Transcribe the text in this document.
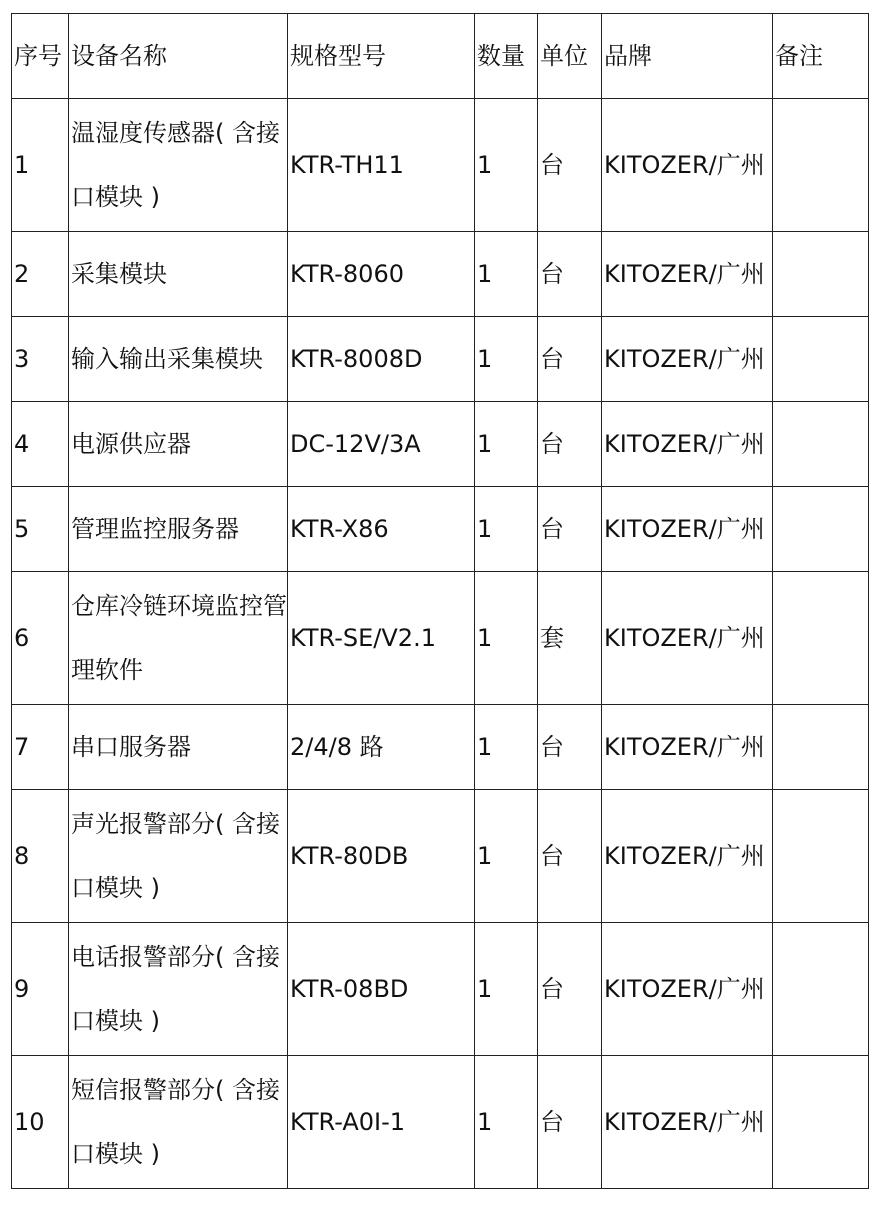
序号	设备名称	规格型号	数量	单位	品牌	备注
1	温湿度传感器( 含接口模块 )	KTR-TH11	1	台	KITOZER/广州	
2	采集模块	KTR-8060	1	台	KITOZER/广州	
3	输入输出采集模块	KTR-8008D	1	台	KITOZER/广州	
4	电源供应器	DC-12V/3A	1	台	KITOZER/广州	
5	管理监控服务器	KTR-X86	1	台	KITOZER/广州	
6	仓库冷链环境监控管理软件	KTR-SE/V2.1	1	套	KITOZER/广州	
7	串口服务器	2/4/8 路	1	台	KITOZER/广州	
8	声光报警部分( 含接口模块 )	KTR-80DB	1	台	KITOZER/广州	
9	电话报警部分( 含接口模块 )	KTR-08BD	1	台	KITOZER/广州	
10	短信报警部分( 含接口模块 )	KTR-A0I-1	1	台	KITOZER/广州	
